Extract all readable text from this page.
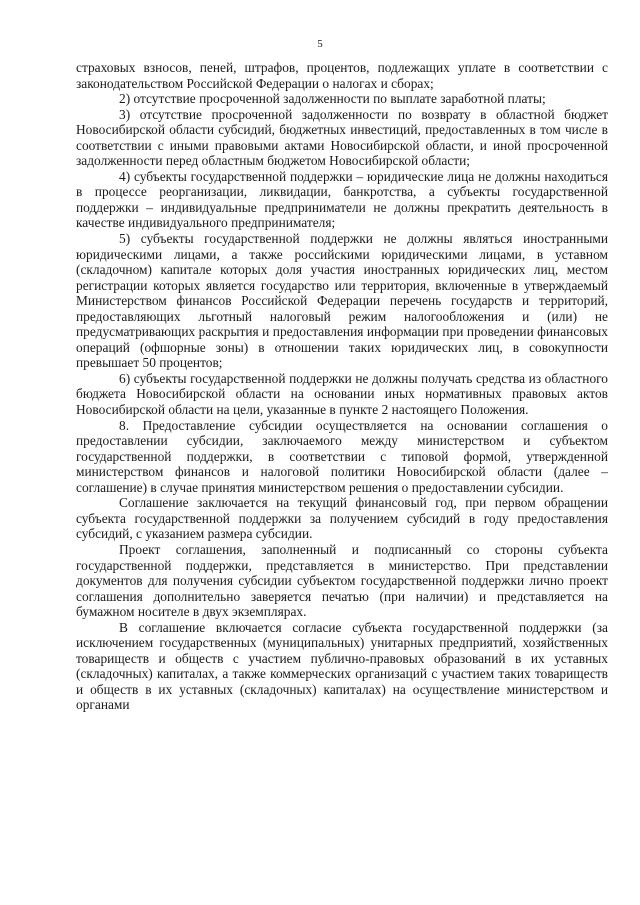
5

страховых взносов, пеней, штрафов, процентов, подлежащих уплате в соответствии с законодательством Российской Федерации о налогах и сборах;

2) отсутствие просроченной задолженности по выплате заработной платы;

3) отсутствие просроченной задолженности по возврату в областной бюджет Новосибирской области субсидий, бюджетных инвестиций, предоставленных в том числе в соответствии с иными правовыми актами Новосибирской области, и иной просроченной задолженности перед областным бюджетом Новосибирской области;

4) субъекты государственной поддержки – юридические лица не должны находиться в процессе реорганизации, ликвидации, банкротства, а субъекты государственной поддержки – индивидуальные предприниматели не должны прекратить деятельность в качестве индивидуального предпринимателя;

5) субъекты государственной поддержки не должны являться иностранными юридическими лицами, а также российскими юридическими лицами, в уставном (складочном) капитале которых доля участия иностранных юридических лиц, местом регистрации которых является государство или территория, включенные в утверждаемый Министерством финансов Российской Федерации перечень государств и территорий, предоставляющих льготный налоговый режим налогообложения и (или) не предусматривающих раскрытия и предоставления информации при проведении финансовых операций (офшорные зоны) в отношении таких юридических лиц, в совокупности превышает 50 процентов;

6) субъекты государственной поддержки не должны получать средства из областного бюджета Новосибирской области на основании иных нормативных правовых актов Новосибирской области на цели, указанные в пункте 2 настоящего Положения.

8. Предоставление субсидии осуществляется на основании соглашения о предоставлении субсидии, заключаемого между министерством и субъектом государственной поддержки, в соответствии с типовой формой, утвержденной министерством финансов и налоговой политики Новосибирской области (далее – соглашение) в случае принятия министерством решения о предоставлении субсидии.

Соглашение заключается на текущий финансовый год, при первом обращении субъекта государственной поддержки за получением субсидий в году предоставления субсидий, с указанием размера субсидии.

Проект соглашения, заполненный и подписанный со стороны субъекта государственной поддержки, представляется в министерство. При представлении документов для получения субсидии субъектом государственной поддержки лично проект соглашения дополнительно заверяется печатью (при наличии) и представляется на бумажном носителе в двух экземплярах.

В соглашение включается согласие субъекта государственной поддержки (за исключением государственных (муниципальных) унитарных предприятий, хозяйственных товариществ и обществ с участием публично-правовых образований в их уставных (складочных) капиталах, а также коммерческих организаций с участием таких товариществ и обществ в их уставных (складочных) капиталах) на осуществление министерством и органами
